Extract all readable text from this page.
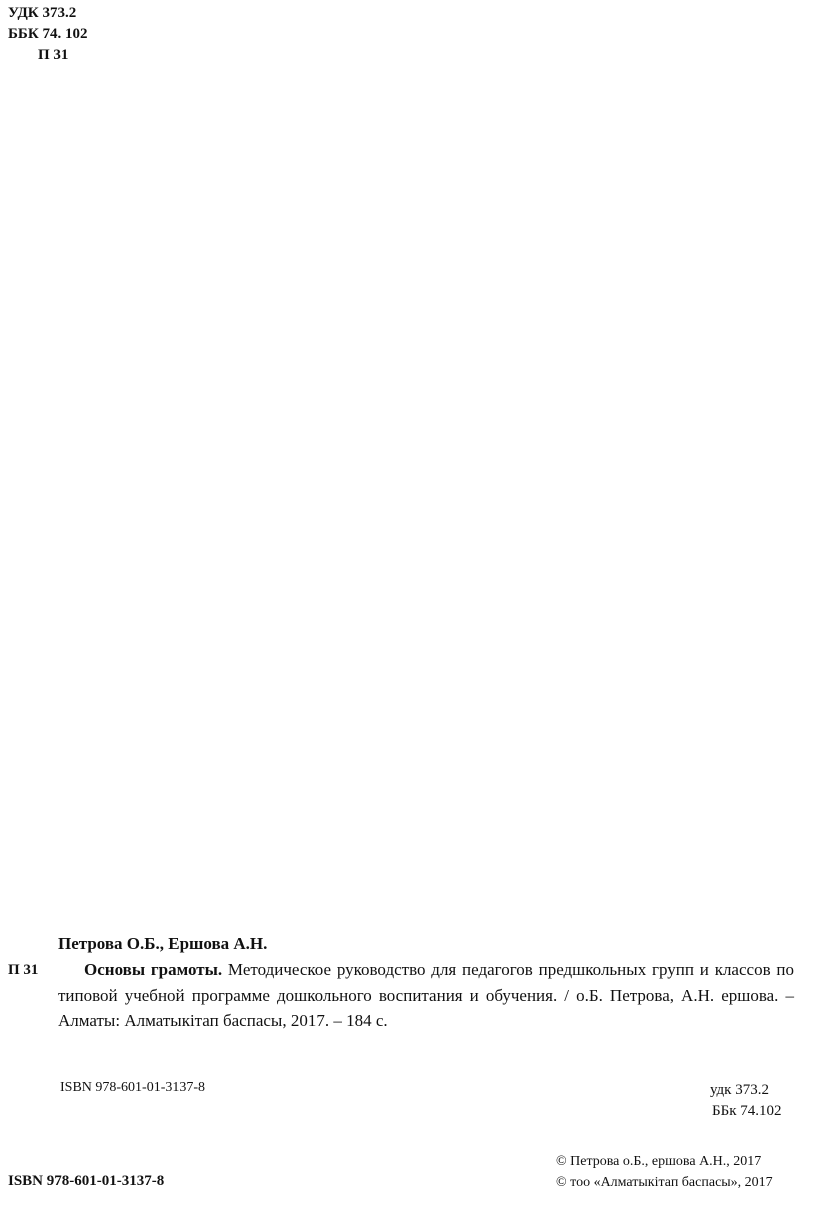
УДК 373.2
ББК 74. 102
П 31
Петрова О.Б., Ершова А.Н.
П 31	Основы грамоты. Методическое руководство для педагогов предшкольных групп и классов по типовой учебной программе дошкольного воспитания и обучения. / о.Б. Петрова, А.Н. ершова. – Алматы: Алматыкітап баспасы, 2017. – 184 с.

ISBN 978-601-01-3137-8	удк 373.2
ББк 74.102
ISBN 978-601-01-3137-8
© Петрова о.Б., ершова А.Н., 2017
© тоо «Алматыкітап баспасы», 2017
